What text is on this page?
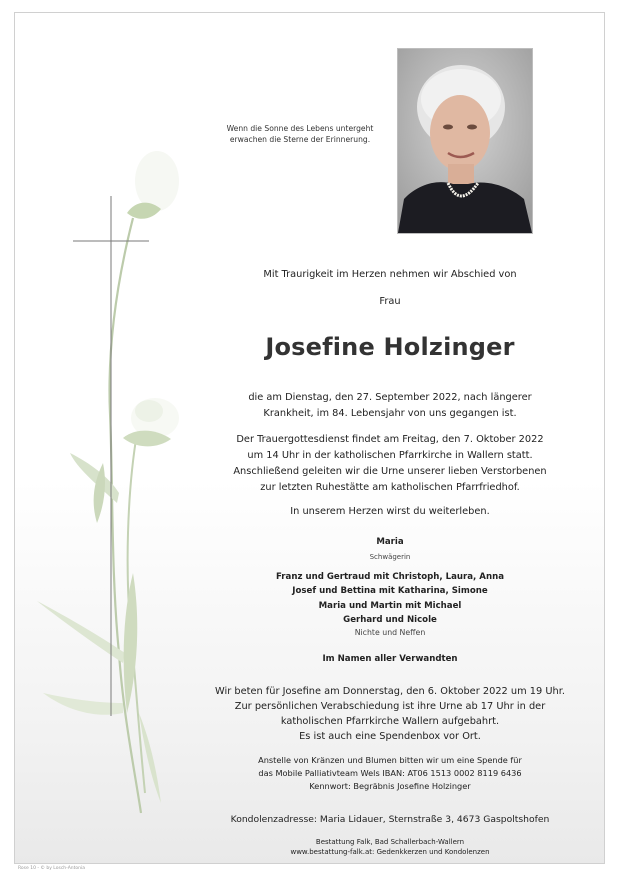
Wenn die Sonne des Lebens untergeht
erwachen die Sterne der Erinnerung.
Mit Traurigkeit im Herzen nehmen wir Abschied von
Frau
Josefine Holzinger
die am Dienstag, den 27. September 2022, nach längerer
Krankheit, im 84. Lebensjahr von uns gegangen ist.
Der Trauergottesdienst findet am Freitag, den 7. Oktober 2022
um 14 Uhr in der katholischen Pfarrkirche in Wallern statt.
Anschließend geleiten wir die Urne unserer lieben Verstorbenen
zur letzten Ruhestätte am katholischen Pfarrfriedhof.
In unserem Herzen wirst du weiterleben.
Maria
Schwägerin
Franz und Gertraud mit Christoph, Laura, Anna
Josef und Bettina mit Katharina, Simone
Maria und Martin mit Michael
Gerhard und Nicole
Nichte und Neffen
Im Namen aller Verwandten
Wir beten für Josefine am Donnerstag, den 6. Oktober 2022 um 19 Uhr.
Zur persönlichen Verabschiedung ist ihre Urne ab 17 Uhr in der
katholischen Pfarrkirche Wallern aufgebahrt.
Es ist auch eine Spendenbox vor Ort.
Anstelle von Kränzen und Blumen bitten wir um eine Spende für
das Mobile Palliativteam Wels IBAN: AT06 1513 0002 8119 6436
Kennwort: Begräbnis Josefine Holzinger
Kondolenzadresse: Maria Lidauer, Sternstraße 3, 4673 Gaspoltshofen
Bestattung Falk, Bad Schallerbach-Wallern
www.bestattung-falk.at: Gedenkkerzen und Kondolenzen
Rose 10 - © by Losch-Antonia
